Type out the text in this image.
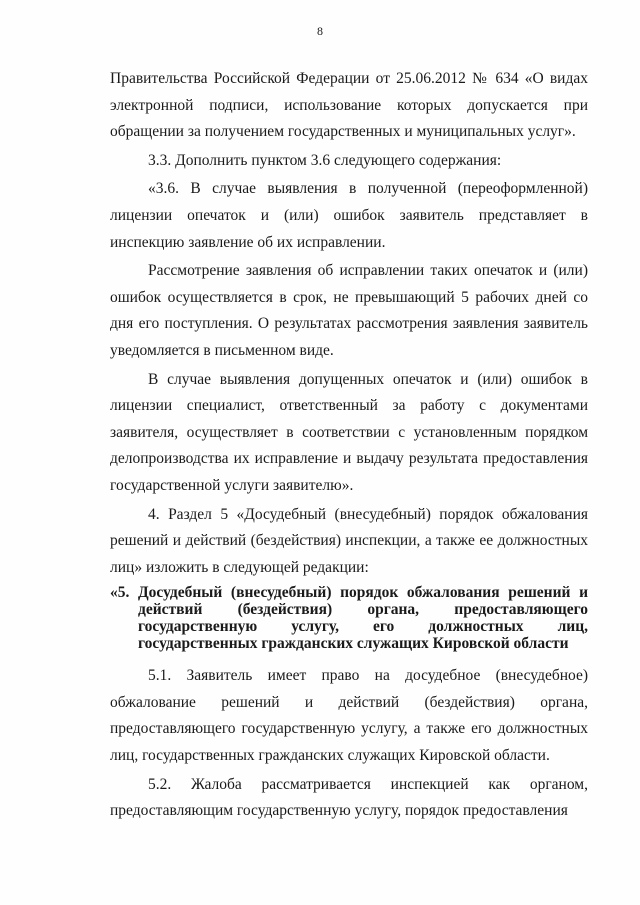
8

Правительства Российской Федерации от 25.06.2012 № 634 «О видах электронной подписи, использование которых допускается при обращении за получением государственных и муниципальных услуг».

3.3. Дополнить пунктом 3.6 следующего содержания:

«3.6. В случае выявления в полученной (переоформленной) лицензии опечаток и (или) ошибок заявитель представляет в инспекцию заявление об их исправлении.

Рассмотрение заявления об исправлении таких опечаток и (или) ошибок осуществляется в срок, не превышающий 5 рабочих дней со дня его поступления. О результатах рассмотрения заявления заявитель уведомляется в письменном виде.

В случае выявления допущенных опечаток и (или) ошибок в лицензии специалист, ответственный за работу с документами заявителя, осуществляет в соответствии с установленным порядком делопроизводства их исправление и выдачу результата предоставления государственной услуги заявителю».

4. Раздел 5 «Досудебный (внесудебный) порядок обжалования решений и действий (бездействия) инспекции, а также ее должностных лиц» изложить в следующей редакции:

«5. Досудебный (внесудебный) порядок обжалования решений и действий (бездействия) органа, предоставляющего государственную услугу, его должностных лиц, государственных гражданских служащих Кировской области

5.1. Заявитель имеет право на досудебное (внесудебное) обжалование решений и действий (бездействия) органа, предоставляющего государственную услугу, а также его должностных лиц, государственных гражданских служащих Кировской области.

5.2. Жалоба рассматривается инспекцией как органом, предоставляющим государственную услугу, порядок предоставления
